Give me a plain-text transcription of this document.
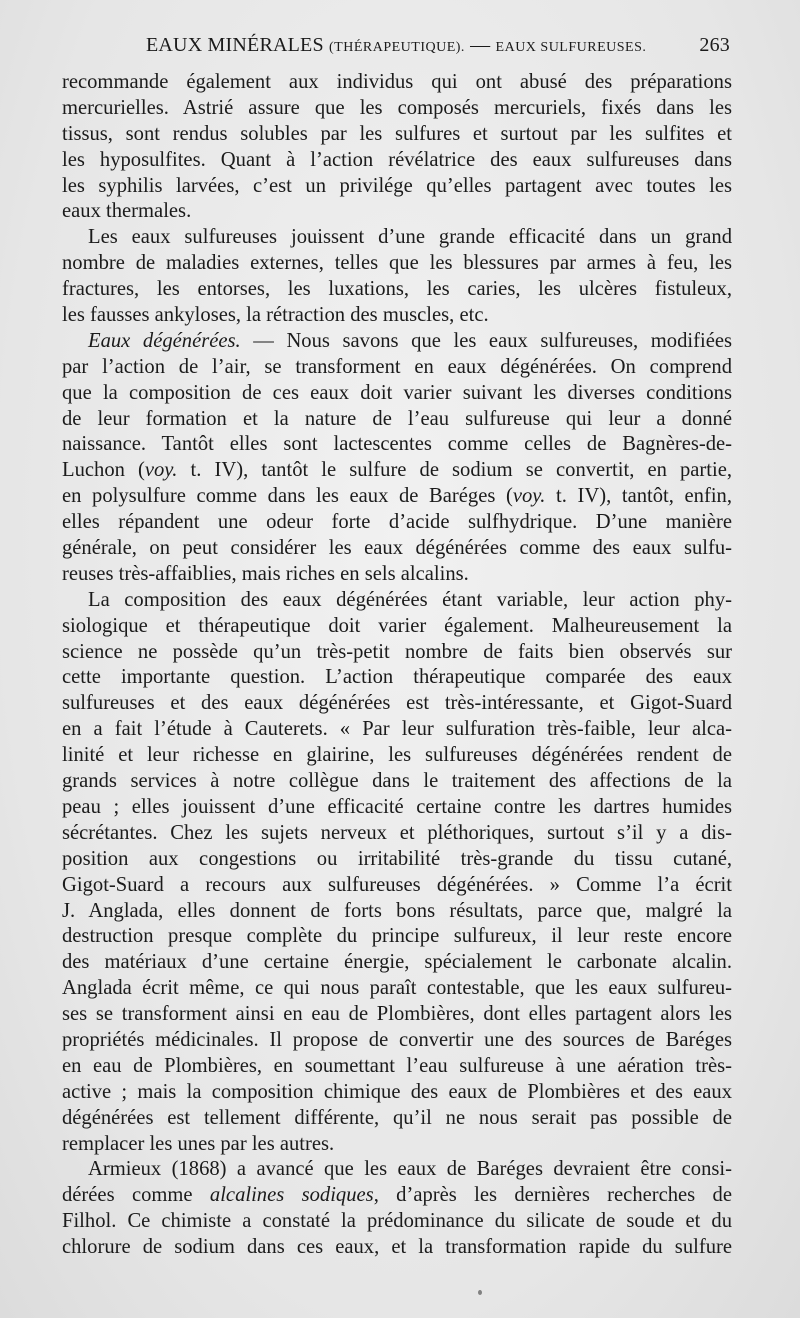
EAUX MINÉRALES (THÉRAPEUTIQUE). — EAUX SULFUREUSES.	263
recommande également aux individus qui ont abusé des préparations
mercurielles. Astrié assure que les composés mercuriels, fixés dans les
tissus, sont rendus solubles par les sulfures et surtout par les sulfites et
les hyposulfites. Quant à l’action révélatrice des eaux sulfureuses dans
les syphilis larvées, c’est un privilége qu’elles partagent avec toutes les
eaux thermales.
Les eaux sulfureuses jouissent d’une grande efficacité dans un grand
nombre de maladies externes, telles que les blessures par armes à feu, les
fractures, les entorses, les luxations, les caries, les ulcères fistuleux,
les fausses ankyloses, la rétraction des muscles, etc.
Eaux dégénérées. — Nous savons que les eaux sulfureuses, modifiées
par l’action de l’air, se transforment en eaux dégénérées. On comprend
que la composition de ces eaux doit varier suivant les diverses conditions
de leur formation et la nature de l’eau sulfureuse qui leur a donné
naissance. Tantôt elles sont lactescentes comme celles de Bagnères-de-
Luchon (voy. t. IV), tantôt le sulfure de sodium se convertit, en partie,
en polysulfure comme dans les eaux de Baréges (voy. t. IV), tantôt, enfin,
elles répandent une odeur forte d’acide sulfhydrique. D’une manière
générale, on peut considérer les eaux dégénérées comme des eaux sulfu-
reuses très-affaiblies, mais riches en sels alcalins.
La composition des eaux dégénérées étant variable, leur action phy-
siologique et thérapeutique doit varier également. Malheureusement la
science ne possède qu’un très-petit nombre de faits bien observés sur
cette importante question. L’action thérapeutique comparée des eaux
sulfureuses et des eaux dégénérées est très-intéressante, et Gigot-Suard
en a fait l’étude à Cauterets. « Par leur sulfuration très-faible, leur alca-
linité et leur richesse en glairine, les sulfureuses dégénérées rendent de
grands services à notre collègue dans le traitement des affections de la
peau ; elles jouissent d’une efficacité certaine contre les dartres humides
sécrétantes. Chez les sujets nerveux et pléthoriques, surtout s’il y a dis-
position aux congestions ou irritabilité très-grande du tissu cutané,
Gigot-Suard a recours aux sulfureuses dégénérées. » Comme l’a écrit
J. Anglada, elles donnent de forts bons résultats, parce que, malgré la
destruction presque complète du principe sulfureux, il leur reste encore
des matériaux d’une certaine énergie, spécialement le carbonate alcalin.
Anglada écrit même, ce qui nous paraît contestable, que les eaux sulfureu-
ses se transforment ainsi en eau de Plombières, dont elles partagent alors les
propriétés médicinales. Il propose de convertir une des sources de Baréges
en eau de Plombières, en soumettant l’eau sulfureuse à une aération très-
active ; mais la composition chimique des eaux de Plombières et des eaux
dégénérées est tellement différente, qu’il ne nous serait pas possible de
remplacer les unes par les autres.
Armieux (1868) a avancé que les eaux de Baréges devraient être consi-
dérées comme alcalines sodiques, d’après les dernières recherches de
Filhol. Ce chimiste a constaté la prédominance du silicate de soude et du
chlorure de sodium dans ces eaux, et la transformation rapide du sulfure
